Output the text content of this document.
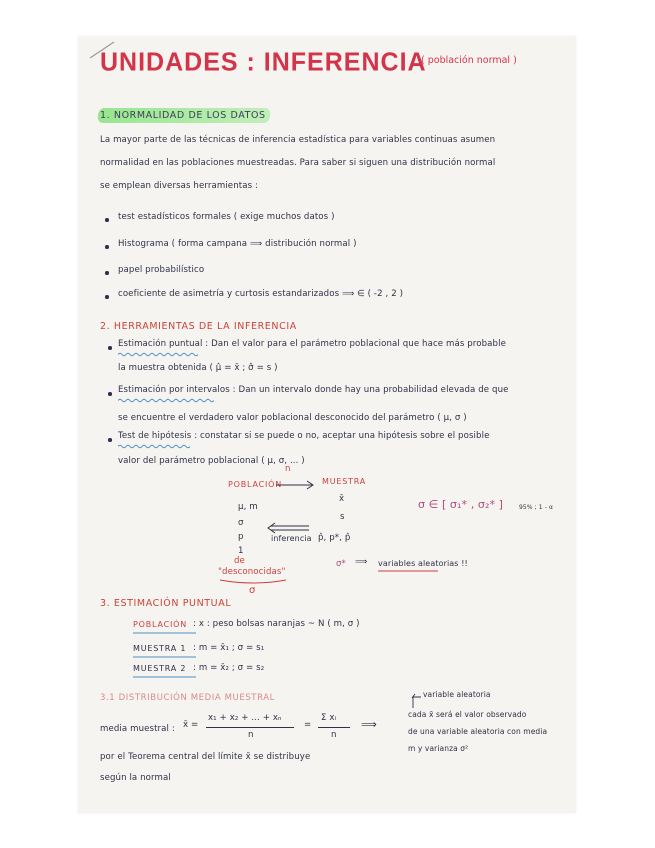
UNIDADES : INFERENCIA
( población normal )
1. NORMALIDAD DE LOS DATOS
La mayor parte de las técnicas de inferencia estadística para variables continuas asumen
normalidad en las poblaciones muestreadas. Para saber si siguen una distribución normal
se emplean diversas herramientas :
test estadísticos formales ( exige muchos datos )
Histograma ( forma campana ⟹ distribución normal )
papel probabilístico
coeficiente de asimetría y curtosis estandarizados ⟹ ∈ ( -2 , 2 )
2. HERRAMIENTAS DE LA INFERENCIA
Estimación puntual : Dan el valor para el parámetro poblacional que hace más probable
la muestra obtenida ( μ̂ = x̄ ; σ̂ = s )
Estimación por intervalos : Dan un intervalo donde hay una probabilidad elevada de que
se encuentre el verdadero valor poblacional desconocido del parámetro ( μ, σ )
Test de hipótesis : constatar si se puede o no, aceptar una hipótesis sobre el posible
valor del parámetro poblacional ( μ, σ, ... )
n
POBLACIÓN	MUESTRA
μ, m
σ
p
1
de
"desconocidas"
σ
x̄
s
p̂, p*, p̂
inferencia
σ ∈ [ σ₁* , σ₂* ]	95% ; 1 - α
σ* ⟹ variables aleatorias !!
3. ESTIMACIÓN PUNTUAL
POBLACIÓN : x : peso bolsas naranjas ~ N ( m, σ )
MUESTRA 1 : m = x̄₁ ; σ = s₁
MUESTRA 2 : m = x̄₂ ; σ = s₂
3.1 DISTRIBUCIÓN MEDIA MUESTRAL
media muestral : x̄ =
x₁ + x₂ + ... + xₙ
n
=
Σ xᵢ
n
⟹
variable aleatoria
cada x̄ será el valor observado
de una variable aleatoria con media
m y varianza σ²
por el Teorema central del límite x̄ se distribuye
según la normal
